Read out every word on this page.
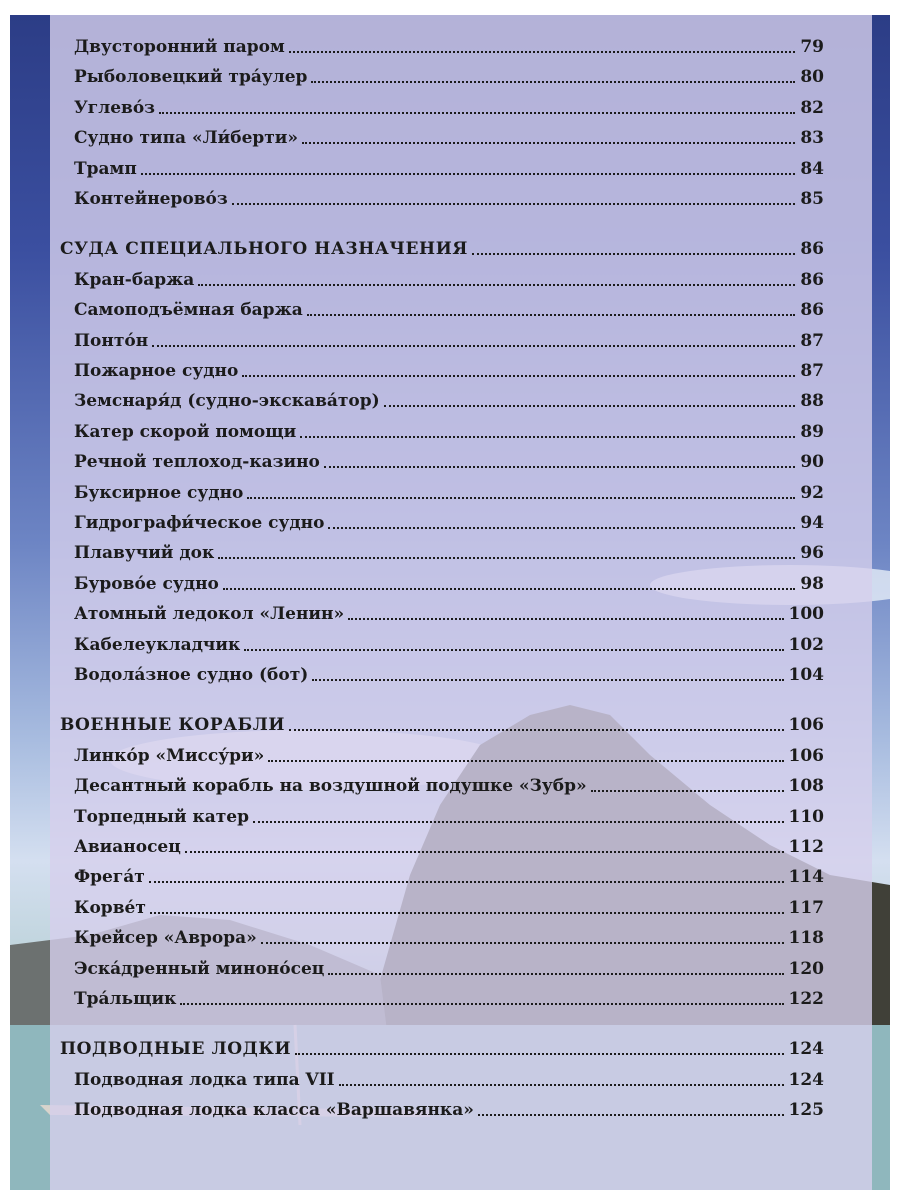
Двусторонний паром	79
Рыболовецкий тра́улер	80
Углево́з	82
Судно типа «Ли́берти»	83
Трамп	84
Контейнерово́з	85
СУДА СПЕЦИАЛЬНОГО НАЗНАЧЕНИЯ	86
Кран-баржа	86
Самоподъёмная баржа	86
Понто́н	87
Пожарное судно	87
Земснаря́д (судно-экскава́тор)	88
Катер скорой помощи	89
Речной теплоход-казино	90
Буксирное судно	92
Гидрографи́ческое судно	94
Плавучий док	96
Бурово́е судно	98
Атомный ледокол «Ленин»	100
Кабелеукладчик	102
Водола́зное судно (бот)	104
ВОЕННЫЕ КОРАБЛИ	106
Линко́р «Миссу́ри»	106
Десантный корабль на воздушной подушке «Зубр»	108
Торпедный катер	110
Авианосец	112
Фрега́т	114
Корве́т	117
Крейсер «Аврора»	118
Эска́дренный миноно́сец	120
Тра́льщик	122
ПОДВОДНЫЕ ЛОДКИ	124
Подводная лодка типа VII	124
Подводная лодка класса «Варшавянка»	125
